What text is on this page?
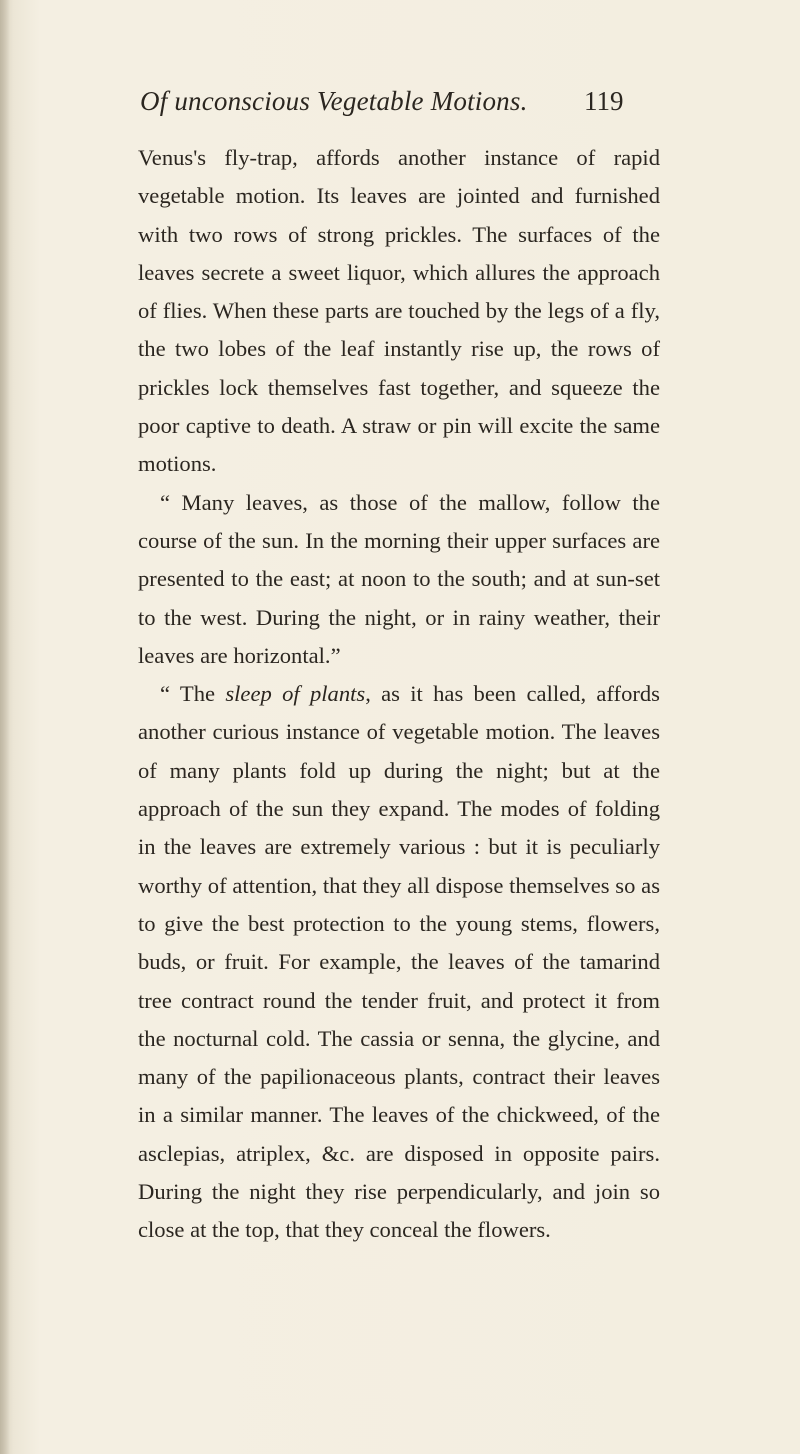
Of unconscious Vegetable Motions. 119

Venus's fly-trap, affords another instance of rapid vegetable motion. Its leaves are jointed and furnished with two rows of strong prickles. The surfaces of the leaves secrete a sweet liquor, which allures the approach of flies. When these parts are touched by the legs of a fly, the two lobes of the leaf instantly rise up, the rows of prickles lock themselves fast together, and squeeze the poor captive to death. A straw or pin will excite the same motions.

“ Many leaves, as those of the mallow, follow the course of the sun. In the morning their upper surfaces are presented to the east; at noon to the south; and at sun-set to the west. During the night, or in rainy weather, their leaves are horizontal.”

“ The sleep of plants, as it has been called, affords another curious instance of vegetable motion. The leaves of many plants fold up during the night; but at the approach of the sun they expand. The modes of folding in the leaves are extremely various : but it is peculiarly worthy of attention, that they all dispose themselves so as to give the best protection to the young stems, flowers, buds, or fruit. For example, the leaves of the tamarind tree contract round the tender fruit, and protect it from the nocturnal cold. The cassia or senna, the glycine, and many of the papilionaceous plants, contract their leaves in a similar manner. The leaves of the chickweed, of the asclepias, atriplex, &c. are disposed in opposite pairs. During the night they rise perpendicularly, and join so close at the top, that they conceal the flowers.
